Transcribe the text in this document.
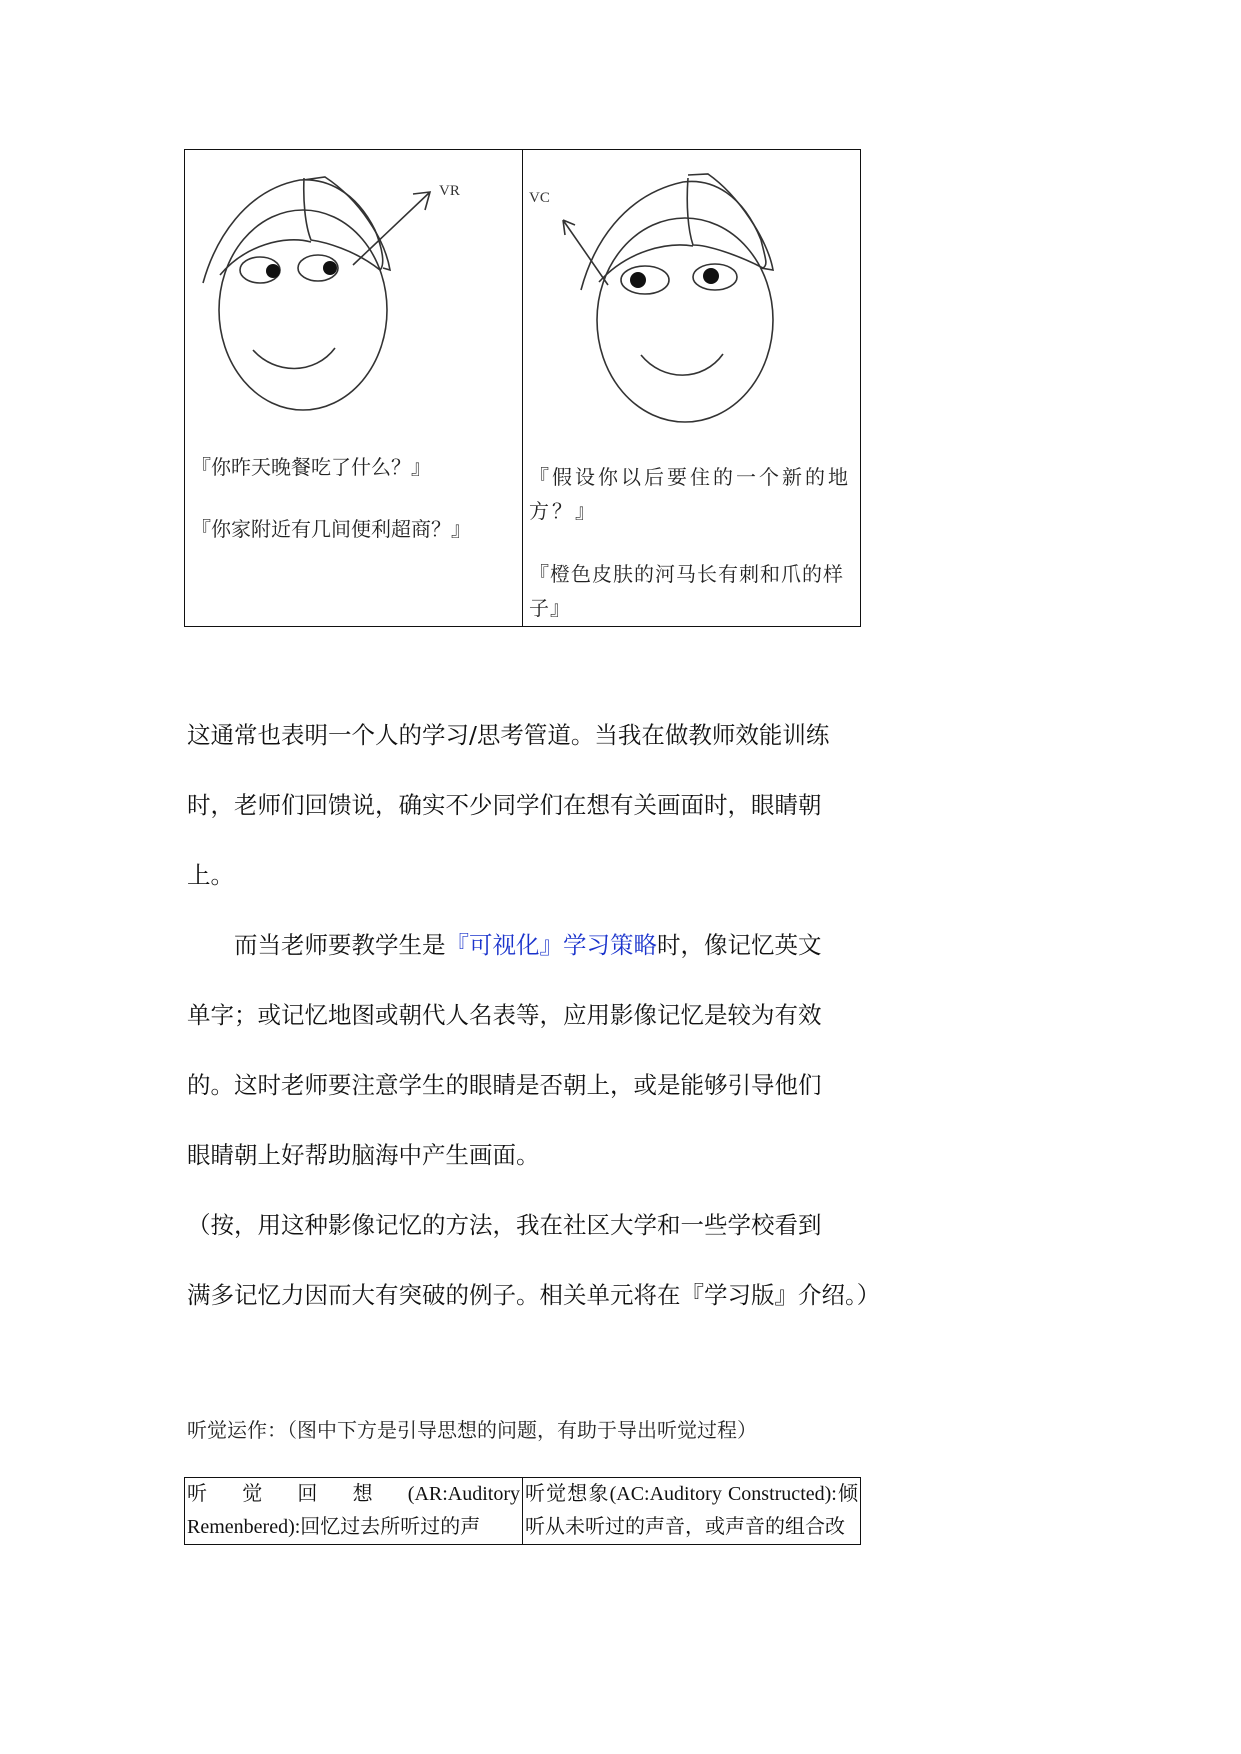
VR
『你昨天晚餐吃了什么？』
『你家附近有几间便利超商？』

VC
『假设你以后要住的一个新的地方？』
『橙色皮肤的河马长有刺和爪的样子』
这通常也表明一个人的学习/思考管道。当我在做教师效能训练
时，老师们回馈说，确实不少同学们在想有关画面时，眼睛朝
上。
　　而当老师要教学生是『可视化』学习策略时，像记忆英文
单字；或记忆地图或朝代人名表等，应用影像记忆是较为有效
的。这时老师要注意学生的眼睛是否朝上，或是能够引导他们
眼睛朝上好帮助脑海中产生画面。
（按，用这种影像记忆的方法，我在社区大学和一些学校看到
满多记忆力因而大有突破的例子。相关单元将在『学习版』介绍。）
听觉运作：（图中下方是引导思想的问题，有助于导出听觉过程）
听觉回想(AR:Auditory
Remenbered):回忆过去所听过的声	
听觉想象(AC:Auditory Constructed):倾
听从未听过的声音，或声音的组合改
